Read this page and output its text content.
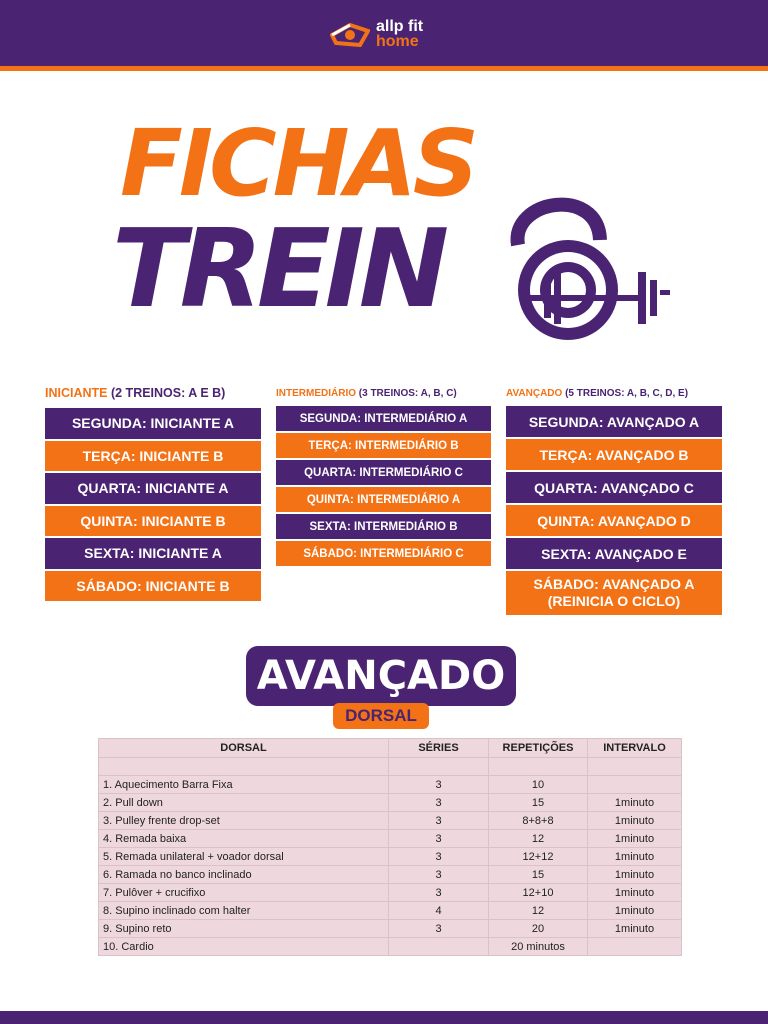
allp fit
home
FICHAS
TREIN
INICIANTE (2 TREINOS: A E B)
SEGUNDA: INICIANTE A
TERÇA: INICIANTE B
QUARTA: INICIANTE A
QUINTA: INICIANTE B
SEXTA: INICIANTE A
SÁBADO: INICIANTE B
INTERMEDIÁRIO (3 TREINOS: A, B, C)
SEGUNDA: INTERMEDIÁRIO A
TERÇA: INTERMEDIÁRIO B
QUARTA: INTERMEDIÁRIO C
QUINTA: INTERMEDIÁRIO A
SEXTA: INTERMEDIÁRIO B
SÁBADO: INTERMEDIÁRIO C
AVANÇADO (5 TREINOS: A, B, C, D, E)
SEGUNDA: AVANÇADO A
TERÇA: AVANÇADO B
QUARTA: AVANÇADO C
QUINTA: AVANÇADO D
SEXTA: AVANÇADO E
SÁBADO: AVANÇADO A (REINICIA O CICLO)
AVANÇADO
DORSAL
DORSAL	SÉRIES	REPETIÇÕES	INTERVALO

1. Aquecimento Barra Fixa	3	10	
2. Pull down	3	15	1minuto
3. Pulley frente drop-set	3	8+8+8	1minuto
4. Remada baixa	3	12	1minuto
5. Remada unilateral + voador dorsal	3	12+12	1minuto
6. Ramada no banco inclinado	3	15	1minuto
7. Pulôver + crucifixo	3	12+10	1minuto
8. Supino inclinado com halter	4	12	1minuto
9. Supino reto	3	20	1minuto
10. Cardio		20 minutos	
